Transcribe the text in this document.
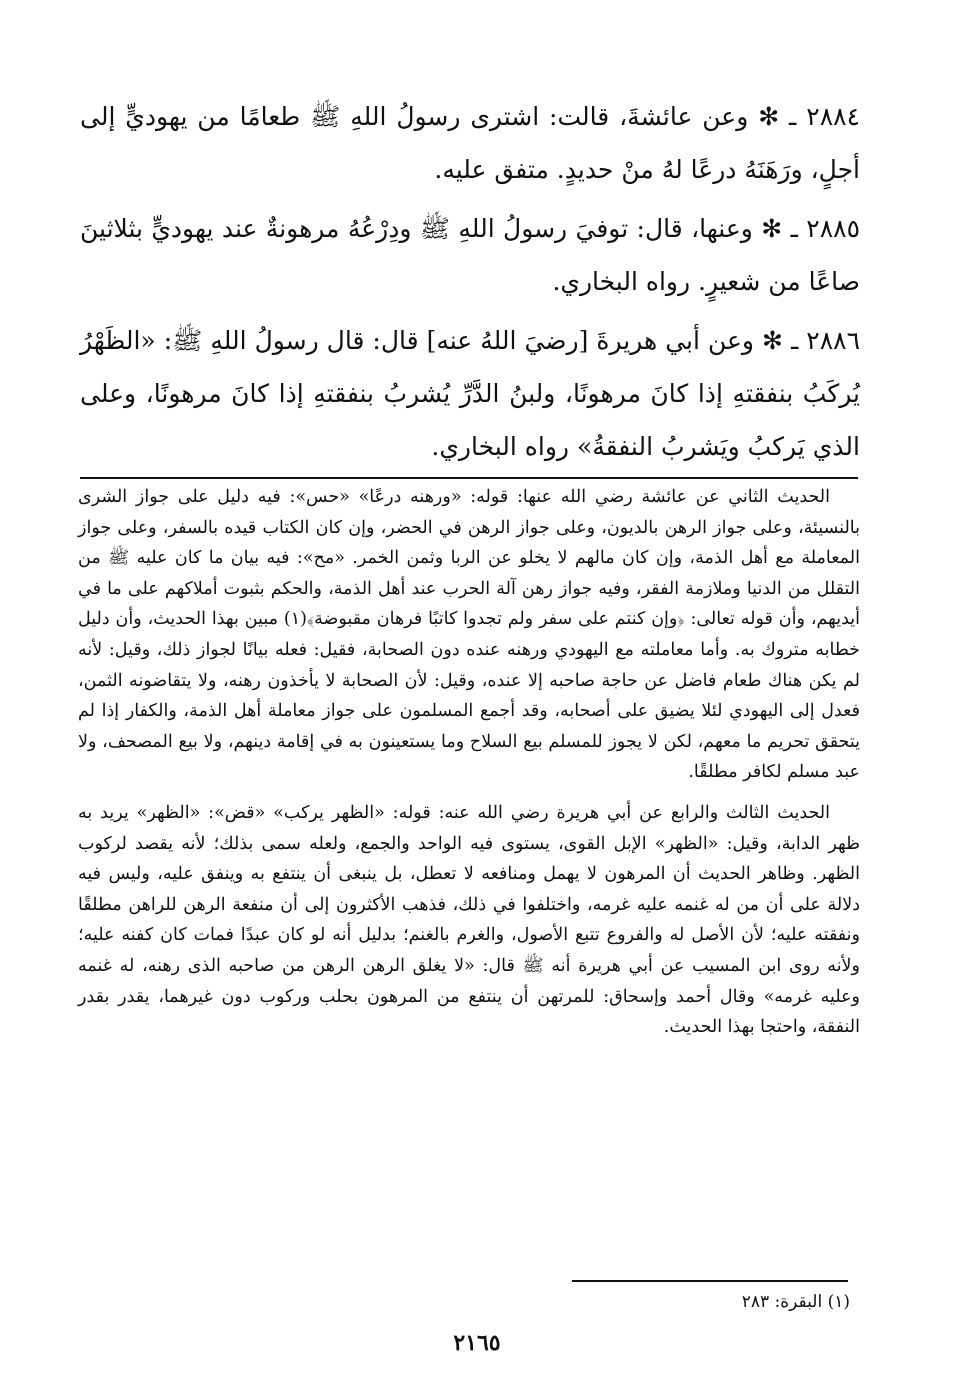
٢٨٨٤ ـ ✻ وعن عائشةَ، قالت: اشترى رسولُ اللهِ ﷺ طعامًا من يهوديٍّ إلى أجلٍ، ورَهَنَهُ درعًا لهُ منْ حديدٍ. متفق عليه.

٢٨٨٥ ـ ✻ وعنها، قال: توفيَ رسولُ اللهِ ﷺ ودِرْعُهُ مرهونةٌ عند يهوديٍّ بثلاثينَ صاعًا من شعيرٍ. رواه البخاري.

٢٨٨٦ ـ ✻ وعن أبي هريرةَ [رضيَ اللهُ عنه] قال: قال رسولُ اللهِ ﷺ: «الظَهْرُ يُركَبُ بنفقتهِ إذا كانَ مرهونًا، ولبنُ الدَّرِّ يُشربُ بنفقتهِ إذا كانَ مرهونًا، وعلى الذي يَركبُ ويَشربُ النفقةُ» رواه البخاري.

الحديث الثاني عن عائشة رضي الله عنها: قوله: «ورهنه درعًا» «حس»: فيه دليل على جواز الشرى بالنسيئة، وعلى جواز الرهن بالديون، وعلى جواز الرهن في الحضر، وإن كان الكتاب قيده بالسفر، وعلى جواز المعاملة مع أهل الذمة، وإن كان مالهم لا يخلو عن الربا وثمن الخمر. «مح»: فيه بيان ما كان عليه ﷺ من التقلل من الدنيا وملازمة الفقر، وفيه جواز رهن آلة الحرب عند أهل الذمة، والحكم بثبوت أملاكهم على ما في أيديهم، وأن قوله تعالى: ﴿وإن كنتم على سفر ولم تجدوا كاتبًا فرهان مقبوضة﴾(١) مبين بهذا الحديث، وأن دليل خطابه متروك به. وأما معاملته مع اليهودي ورهنه عنده دون الصحابة، فقيل: فعله بيانًا لجواز ذلك، وقيل: لأنه لم يكن هناك طعام فاضل عن حاجة صاحبه إلا عنده، وقيل: لأن الصحابة لا يأخذون رهنه، ولا يتقاضونه الثمن، فعدل إلى اليهودي لئلا يضيق على أصحابه، وقد أجمع المسلمون على جواز معاملة أهل الذمة، والكفار إذا لم يتحقق تحريم ما معهم، لكن لا يجوز للمسلم بيع السلاح وما يستعينون به في إقامة دينهم، ولا بيع المصحف، ولا عبد مسلم لكافر مطلقًا.

الحديث الثالث والرابع عن أبي هريرة رضي الله عنه: قوله: «الظهر يركب» «قض»: «الظهر» يريد به ظهر الدابة، وقيل: «الظهر» الإبل القوى، يستوى فيه الواحد والجمع، ولعله سمى بذلك؛ لأنه يقصد لركوب الظهر. وظاهر الحديث أن المرهون لا يهمل ومنافعه لا تعطل، بل ينبغى أن ينتفع به وينفق عليه، وليس فيه دلالة على أن من له غنمه عليه غرمه، واختلفوا في ذلك، فذهب الأكثرون إلى أن منفعة الرهن للراهن مطلقًا ونفقته عليه؛ لأن الأصل له والفروع تتبع الأصول، والغرم بالغنم؛ بدليل أنه لو كان عبدًا فمات كان كفنه عليه؛ ولأنه روى ابن المسيب عن أبي هريرة أنه ﷺ قال: «لا يغلق الرهن الرهن من صاحبه الذى رهنه، له غنمه وعليه غرمه» وقال أحمد وإسحاق: للمرتهن أن ينتفع من المرهون بحلب وركوب دون غيرهما، يقدر بقدر النفقة، واحتجا بهذا الحديث.

(١) البقرة: ٢٨٣
٢١٦٥
